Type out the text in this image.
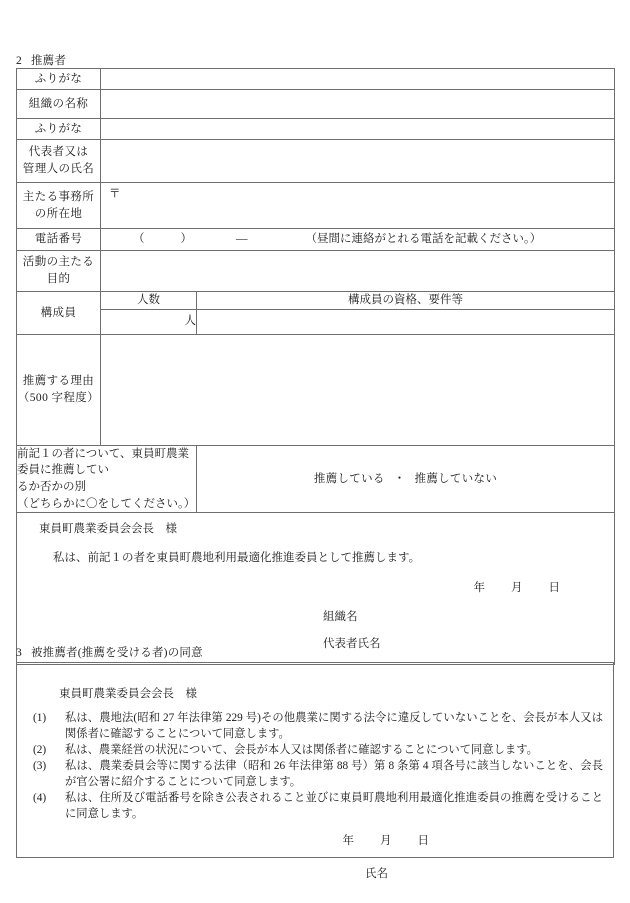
2 推薦者
ふりがな		
組織の名称		
ふりがな		

代表者又は
管理人の氏名		

主たる事務所
の所在地	〒	

電話番号	（ ） — （昼間に連絡がとれる電話を記載ください。）	

活動の主たる
目的		

構成員	人数	構成員の資格、要件等
	人	

推薦する理由
（500 字程度）		

前記１の者について、東員町農業委員に推薦してい
るか否かの別
（どちらかに〇をしてください。）		推薦している ・ 推薦していない

東員町農業委員会会長　様
私は、前記１の者を東員町農地利用最適化推進委員として推薦します。
年 月 日
組織名
代表者氏名		
3 被推薦者(推薦を受ける者)の同意
東員町農業委員会会長　様
(1) 私は、農地法(昭和 27 年法律第 229 号)その他農業に関する法令に違反していないことを、会長が本人又は関係者に確認することについて同意します。
(2) 私は、農業経営の状況について、会長が本人又は関係者に確認することについて同意します。
(3) 私は、農業委員会等に関する法律（昭和 26 年法律第 88 号）第 8 条第 4 項各号に該当しないことを、会長が官公署に紹介することについて同意します。
(4) 私は、住所及び電話番号を除き公表されること並びに東員町農地利用最適化推進委員の推薦を受けることに同意します。
年 月 日
氏名
